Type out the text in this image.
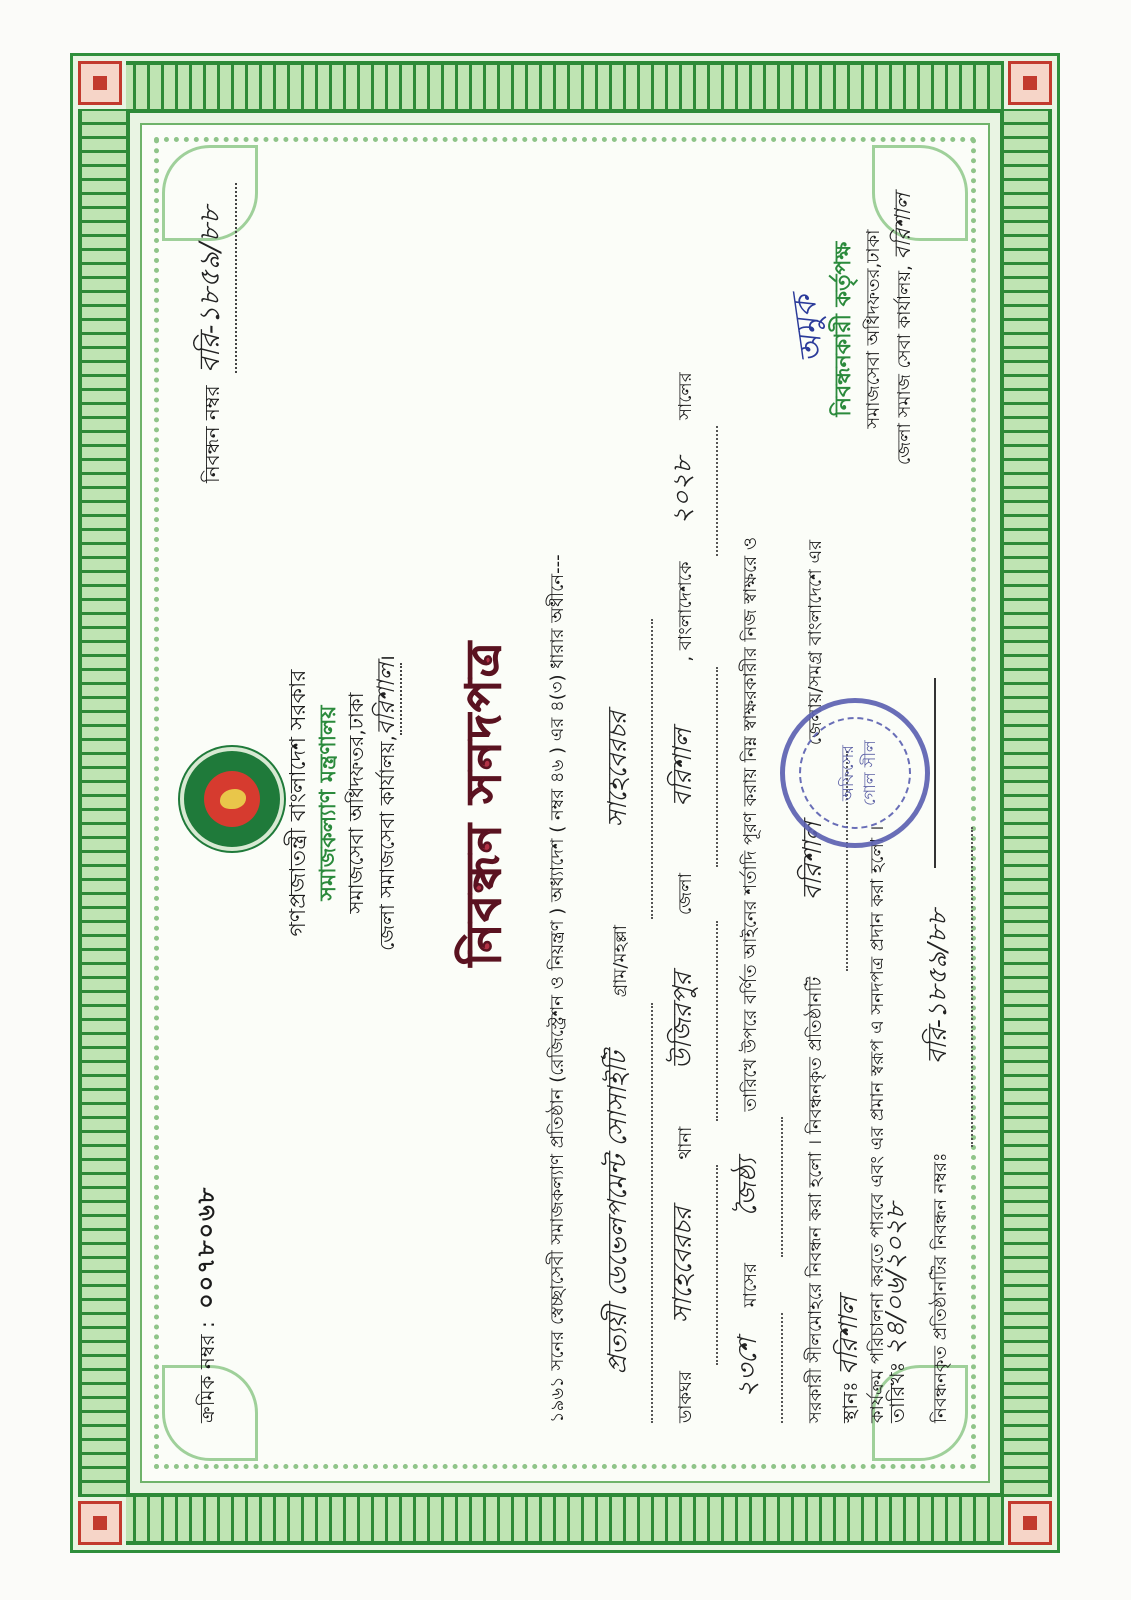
ক্রমিক নম্বর : ০০৭৮০৬৮
নিবন্ধন নম্বর বরি-১৮৫৯/৮৮
গণপ্রজাতন্ত্রী বাংলাদেশ সরকার সমাজকল্যাণ মন্ত্রণালয় সমাজসেবা অধিদফতর,ঢাকা জেলা সমাজসেবা কার্যালয়,বরিশাল। নিবন্ধন সনদপত্র	১৯৬১ সনের স্বেচ্ছাসেবী সমাজকল্যাণ প্রতিষ্ঠান (রেজিস্ট্রেশন ও নিয়ন্ত্রণ ) অধ্যাদেশ ( নম্বর ৪৬ ) এর ৪(৩) ধারার অধীনে---
প্রত্যয়ী ডেভেলপমেন্ট সোসাইটি গ্রাম/মহল্লা সাহেবেরচর
ডাকঘর সাহেবেরচর থানা উজিরপুর জেলা বরিশাল , বাংলাদেশকে ২০২৮ সালের
২৩শে মাসের জৈষ্ঠ্য তারিখে উপরে বর্ণিত আইনের শর্তাদি পূরণ করায় নিম্ন স্বাক্ষরকারীর নিজ স্বাক্ষরে ও
সরকারী সীলমোহরে নিবন্ধন করা হলো । নিবন্ধনকৃত প্রতিষ্ঠানটি বরিশাল জেলায়/সমগ্র বাংলাদেশে এর
কার্যক্রম পরিচালনা করতে পারবে এবং এর প্রমান স্বরূপ এ সনদপত্র প্রদান করা হলো ।	নিবন্ধনকৃত প্রতিষ্ঠানটির নিবন্ধন নম্বরঃ বরি-১৮৫৯/৮৮
স্থানঃ বরিশাল
তারিখঃ ২৪/০৬/২০২৮
অফিসের গোল সীল
অমুক নিবন্ধনকারী কর্তৃপক্ষ সমাজসেবা অধিদফতর,ঢাকা জেলা সমাজ সেবা কার্যালয়, বরিশাল
